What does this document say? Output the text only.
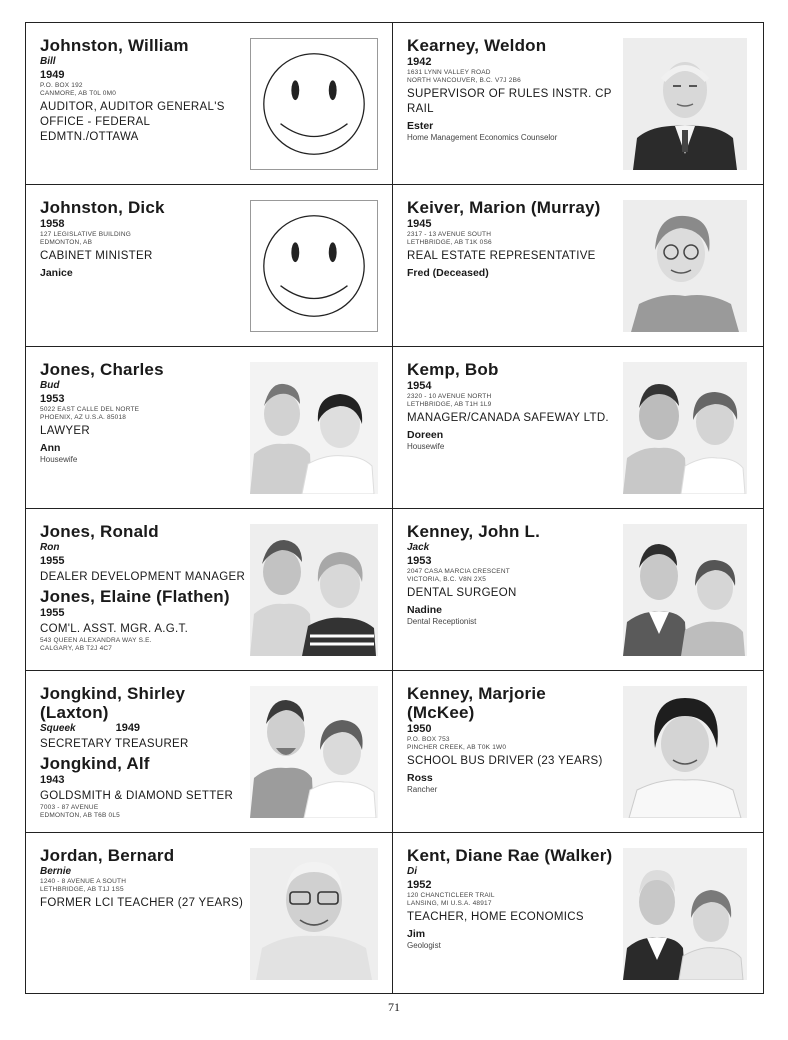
Johnston, William
Bill
1949
P.O. BOX 192
CANMORE, AB T0L 0M0
AUDITOR, AUDITOR GENERAL'S OFFICE - FEDERAL EDMTN./OTTAWA
Kearney, Weldon
1942
1631 LYNN VALLEY ROAD
NORTH VANCOUVER, B.C. V7J 2B6
SUPERVISOR OF RULES INSTR. CP RAIL
Ester
Home Management Economics Counselor
Johnston, Dick
1958
127 LEGISLATIVE BUILDING
EDMONTON, AB
CABINET MINISTER
Janice
Keiver, Marion (Murray)
1945
2317 - 13 AVENUE SOUTH
LETHBRIDGE, AB T1K 0S6
REAL ESTATE REPRESENTATIVE
Fred (Deceased)
Jones, Charles
Bud
1953
5022 EAST CALLE DEL NORTE
PHOENIX, AZ U.S.A. 85018
LAWYER
Ann
Housewife
Kemp, Bob
1954
2320 - 10 AVENUE NORTH
LETHBRIDGE, AB T1H 1L9
MANAGER/CANADA SAFEWAY LTD.
Doreen
Housewife
Jones, Ronald
Ron
1955
DEALER DEVELOPMENT MANAGER
Jones, Elaine (Flathen)
1955
COM'L. ASST. MGR. A.G.T.
543 QUEEN ALEXANDRA WAY S.E.
CALGARY, AB T2J 4C7
Kenney, John L.
Jack
1953
2047 CASA MARCIA CRESCENT
VICTORIA, B.C. V8N 2X5
DENTAL SURGEON
Nadine
Dental Receptionist
Jongkind, Shirley (Laxton)
Squeek	1949
SECRETARY TREASURER
Jongkind, Alf
1943
GOLDSMITH & DIAMOND SETTER
7003 - 87 AVENUE
EDMONTON, AB T6B 0L5
Kenney, Marjorie (McKee)
1950
P.O. BOX 753
PINCHER CREEK, AB T0K 1W0
SCHOOL BUS DRIVER (23 YEARS)
Ross
Rancher
Jordan, Bernard
Bernie
1240 - 8 AVENUE A SOUTH
LETHBRIDGE, AB T1J 1S5
FORMER LCI TEACHER (27 YEARS)
Kent, Diane Rae (Walker)
Di
1952
120 CHANCTICLEER TRAIL
LANSING, MI U.S.A. 48917
TEACHER, HOME ECONOMICS
Jim
Geologist
71
